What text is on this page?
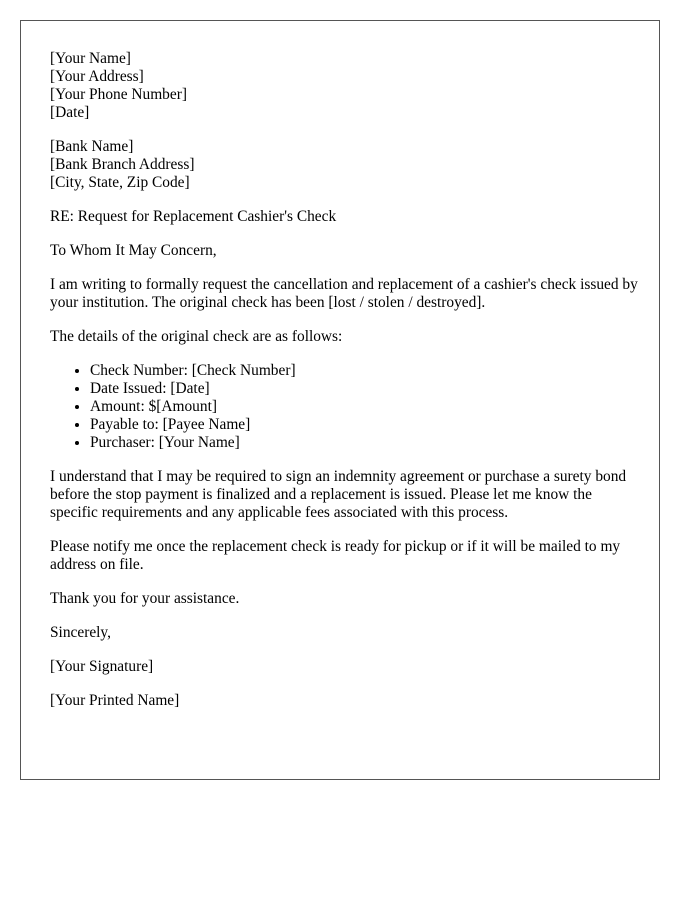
[Your Name]
[Your Address]
[Your Phone Number]
[Date]
[Bank Name]
[Bank Branch Address]
[City, State, Zip Code]

RE: Request for Replacement Cashier's Check

To Whom It May Concern,

I am writing to formally request the cancellation and replacement of a cashier's check issued by your institution. The original check has been [lost / stolen / destroyed].

The details of the original check are as follows:

• Check Number: [Check Number]
• Date Issued: [Date]
• Amount: $[Amount]
• Payable to: [Payee Name]
• Purchaser: [Your Name]

I understand that I may be required to sign an indemnity agreement or purchase a surety bond before the stop payment is finalized and a replacement is issued. Please let me know the specific requirements and any applicable fees associated with this process.

Please notify me once the replacement check is ready for pickup or if it will be mailed to my address on file.

Thank you for your assistance.

Sincerely,

[Your Signature]

[Your Printed Name]
